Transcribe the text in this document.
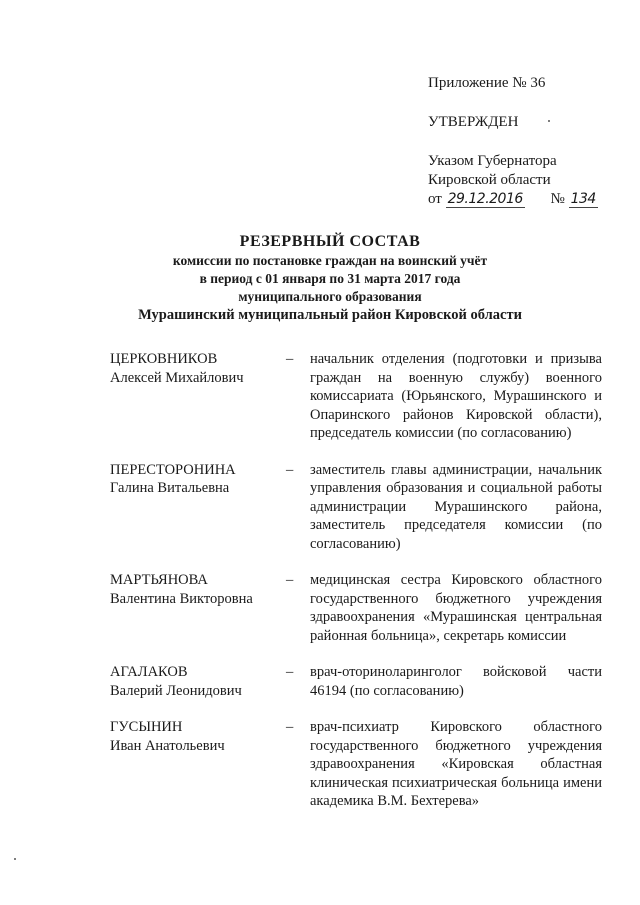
Приложение № 36
УТВЕРЖДЕН
Указом Губернатора
Кировской области
от 29.12.2016 № 134
РЕЗЕРВНЫЙ СОСТАВ
комиссии по постановке граждан на воинский учёт
в период с 01 января по 31 марта 2017 года
муниципального образования
Мурашинский муниципальный район Кировской области
ЦЕРКОВНИКОВ
Алексей Михайлович
–	начальник отделения (подготовки и призыва граждан на военную службу) военного комиссариата (Юрьянского, Мурашинского и Опаринского районов Кировской области), председатель комиссии (по согласованию)
ПЕРЕСТОРОНИНА
Галина Витальевна
–	заместитель главы администрации, начальник управления образования и социальной работы администрации Мурашинского района, заместитель председателя комиссии (по согласованию)
МАРТЬЯНОВА
Валентина Викторовна
–	медицинская сестра Кировского областного государственного бюджетного учреждения здравоохранения «Мурашинская центральная районная больница», секретарь комиссии
АГАЛАКОВ
Валерий Леонидович
–	врач-оториноларинголог войсковой части 46194 (по согласованию)
ГУСЫНИН
Иван Анатольевич
–	врач-психиатр Кировского областного государственного бюджетного учреждения здравоохранения «Кировская областная клиническая психиатрическая больница имени академика В.М. Бехтерева»
